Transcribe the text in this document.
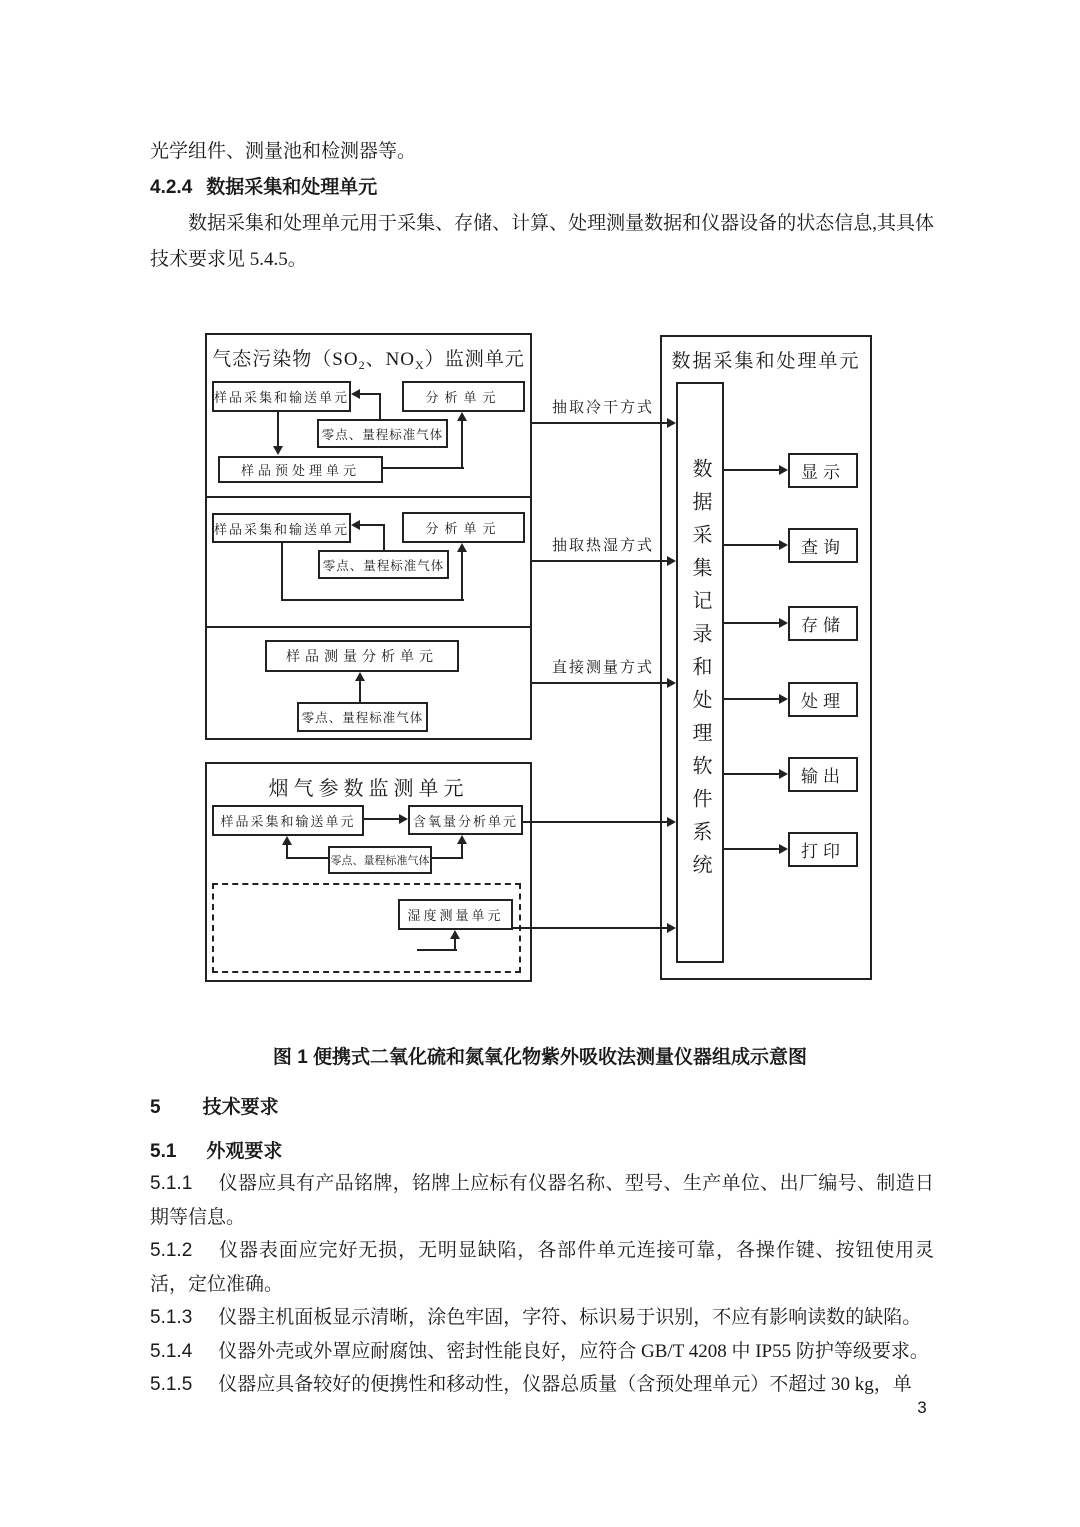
光学组件、测量池和检测器等。

4.2.4 数据采集和处理单元

数据采集和处理单元用于采集、存储、计算、处理测量数据和仪器设备的状态信息,其具体技术要求见 5.4.5。

气态污染物（$SO_2$、$NO_X$）监测单元
样品采集和输送单元	分析单元
零点、量程标准气体
样品预处理单元
样品采集和输送单元	分析单元
零点、量程标准气体
样品测量分析单元
零点、量程标准气体
烟气参数监测单元
样品采集和输送单元	含氧量分析单元
零点、量程标准气体
湿度测量单元
抽取冷干方式
抽取热湿方式
直接测量方式
数据采集和处理单元
数据采集记录和处理软件系统	显示
查询
存储
处理
输出
打印
图 1 便携式二氧化硫和氮氧化物紫外吸收法测量仪器组成示意图
5 技术要求
5.1 外观要求

5.1.1 仪器应具有产品铭牌，铭牌上应标有仪器名称、型号、生产单位、出厂编号、制造日期等信息。

5.1.2 仪器表面应完好无损，无明显缺陷，各部件单元连接可靠，各操作键、按钮使用灵活，定位准确。

5.1.3 仪器主机面板显示清晰，涂色牢固，字符、标识易于识别，不应有影响读数的缺陷。

5.1.4 仪器外壳或外罩应耐腐蚀、密封性能良好，应符合 GB/T 4208 中 IP55 防护等级要求。

5.1.5 仪器应具备较好的便携性和移动性，仪器总质量（含预处理单元）不超过 30 kg，单

3
